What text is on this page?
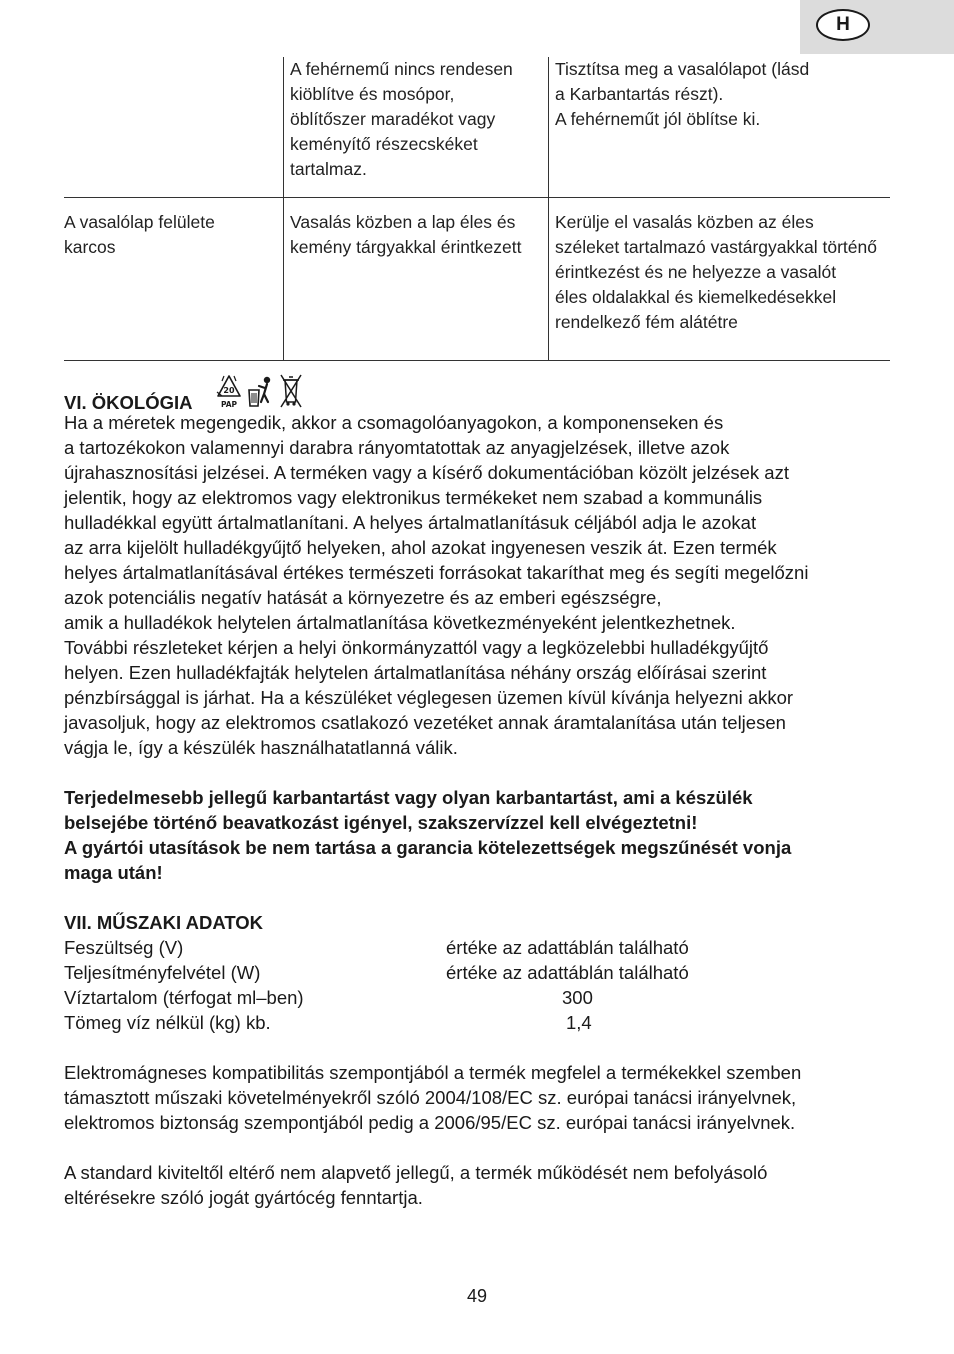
H
	A fehérnemű nincs rendesen
kiöblítve és mosópor,
öblítőszer maradékot vagy
keményítő részecskéket
tartalmaz.	Tisztítsa meg a vasalólapot (lásd
a Karbantartás részt).
A fehérneműt jól öblítse ki.
A vasalólap felülete
karcos	Vasalás közben a lap éles és
kemény tárgyakkal érintkezett	Kerülje el vasalás közben az éles
széleket tartalmazó vastárgyakkal történő
érintkezést és ne helyezze a vasalót
éles oldalakkal és kiemelkedésekkel
rendelkező fém alátétre
VI. ÖKOLÓGIA
20
PAP

Ha a méretek megengedik, akkor a csomagolóanyagokon, a komponenseken és
a tartozékokon valamennyi darabra rányomtatottak az anyagjelzések, illetve azok
újrahasznosítási jelzései. A terméken vagy a kísérő dokumentációban közölt jelzések azt
jelentik, hogy az elektromos vagy elektronikus termékeket nem szabad a kommunális
hulladékkal együtt ártalmatlanítani. A helyes ártalmatlanításuk céljából adja le azokat
az arra kijelölt hulladékgyűjtő helyeken, ahol azokat ingyenesen veszik át. Ezen termék
helyes ártalmatlanításával értékes természeti forrásokat takaríthat meg és segíti megelőzni
azok potenciális negatív hatását a környezetre és az emberi egészségre,
amik a hulladékok helytelen ártalmatlanítása következményeként jelentkezhetnek.
További részleteket kérjen a helyi önkormányzattól vagy a legközelebbi hulladékgyűjtő
helyen. Ezen hulladékfajták helytelen ártalmatlanítása néhány ország előírásai szerint
pénzbírsággal is járhat. Ha a készüléket véglegesen üzemen kívül kívánja helyezni akkor
javasoljuk, hogy az elektromos csatlakozó vezetéket annak áramtalanítása után teljesen
vágja le, így a készülék használhatatlanná válik.

Terjedelmesebb jellegű karbantartást vagy olyan karbantartást, ami a készülék
belsejébe történő beavatkozást igényel, szakszervízzel kell elvégeztetni!
A gyártói utasítások be nem tartása a garancia kötelezettségek megszűnését vonja
maga után!

VII. MŰSZAKI ADATOK
Feszültség (V)	értéke az adattáblán található
Teljesítményfelvétel (W)	értéke az adattáblán található
Víztartalom (térfogat ml–ben)	300
Tömeg víz nélkül (kg) kb.	1,4

Elektromágneses kompatibilitás szempontjából a termék megfelel a termékekkel szemben
támasztott műszaki követelményekről szóló 2004/108/EC sz. európai tanácsi irányelvnek,
elektromos biztonság szempontjából pedig a 2006/95/EC sz. európai tanácsi irányelvnek.

A standard kiviteltől eltérő nem alapvető jellegű, a termék működését nem befolyásoló
eltérésekre szóló jogát gyártócég fenntartja.

49
